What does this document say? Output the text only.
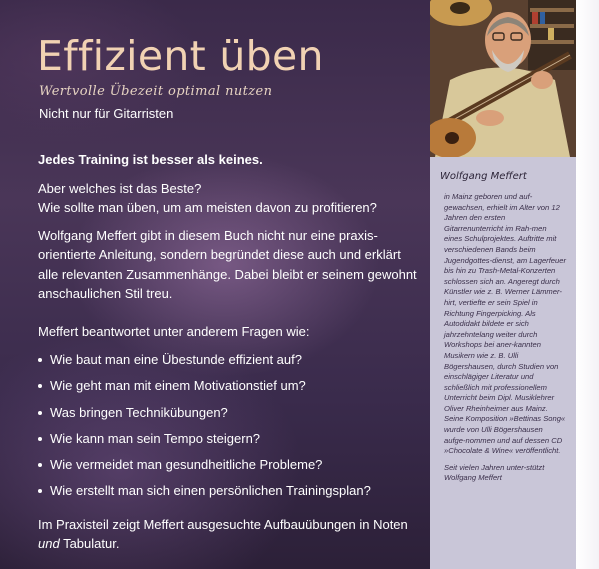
Effizient üben
Wertvolle Übezeit optimal nutzen
Nicht nur für Gitarristen

Jedes Training ist besser als keines.

Aber welches ist das Beste?
Wie sollte man üben, um am meisten davon zu profitieren?

Wolfgang Meffert gibt in diesem Buch nicht nur eine praxis-orientierte Anleitung, sondern begründet diese auch und erklärt alle relevanten Zusammenhänge. Dabei bleibt er seinem gewohnt anschaulichen Stil treu.

Meffert beantwortet unter anderem Fragen wie:

Wie baut man eine Übestunde effizient auf?
Wie geht man mit einem Motivationstief um?
Was bringen Technikübungen?
Wie kann man sein Tempo steigern?
Wie vermeidet man gesundheitliche Probleme?
Wie erstellt man sich einen persönlichen Trainingsplan?

Im Praxisteil zeigt Meffert ausgesuchte Aufbauübungen in Noten und Tabulatur.

Wolfgang Meffert
in Mainz geboren und auf-gewachsen, erhielt im Alter von 12 Jahren den ersten Gitarrenunterricht im Rah-men eines Schulprojektes. Auftritte mit verschiedenen Bands beim Jugendgottes-dienst, am Lagerfeuer bis hin zu Trash-Metal-Konzerten schlossen sich an. Angeregt durch Künstler wie z. B. Werner Lämmer-hirt, vertiefte er sein Spiel in Richtung Fingerpicking. Als Autodidakt bildete er sich jahrzehntelang weiter durch Workshops bei aner-kannten Musikern wie z. B. Ulli Bögershausen, durch Studien von einschlägiger Literatur und schließlich mit professionellem Unterricht beim Dipl. Musiklehrer Oliver Rheinheimer aus Mainz. Seine Komposition »Bettinas Song« wurde von Ulli Bögershausen aufge-nommen und auf dessen CD »Chocolate & Wine« veröffentlicht.
Seit vielen Jahren unter-stützt Wolfgang Meffert
